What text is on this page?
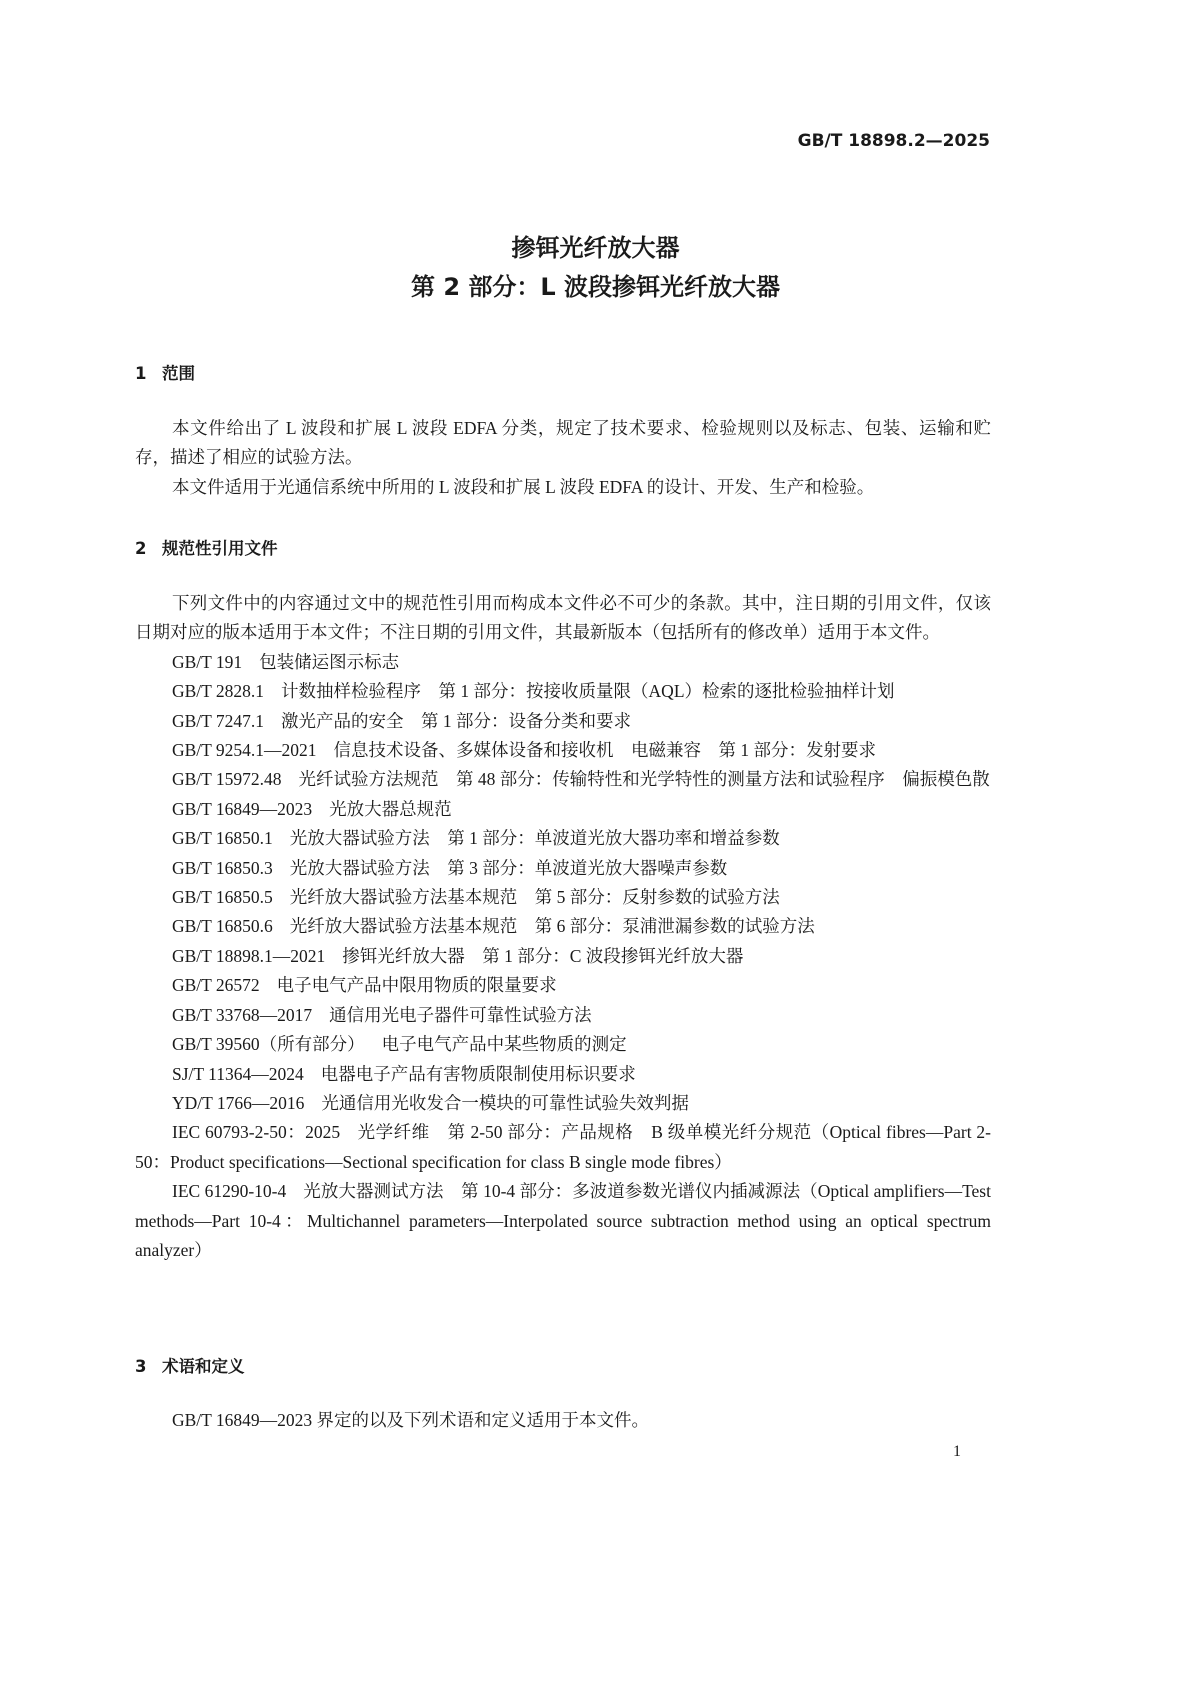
GB/T 18898.2—2025
掺铒光纤放大器
第 2 部分：L 波段掺铒光纤放大器
1 范围

本文件给出了 L 波段和扩展 L 波段 EDFA 分类，规定了技术要求、检验规则以及标志、包装、运输和贮存，描述了相应的试验方法。

本文件适用于光通信系统中所用的 L 波段和扩展 L 波段 EDFA 的设计、开发、生产和检验。

2 规范性引用文件

下列文件中的内容通过文中的规范性引用而构成本文件必不可少的条款。其中，注日期的引用文件，仅该日期对应的版本适用于本文件；不注日期的引用文件，其最新版本（包括所有的修改单）适用于本文件。

GB/T 191 包装储运图示标志

GB/T 2828.1 计数抽样检验程序　第 1 部分：按接收质量限（AQL）检索的逐批检验抽样计划

GB/T 7247.1 激光产品的安全　第 1 部分：设备分类和要求

GB/T 9254.1—2021 信息技术设备、多媒体设备和接收机　电磁兼容　第 1 部分：发射要求

GB/T 15972.48 光纤试验方法规范　第 48 部分：传输特性和光学特性的测量方法和试验程序　偏振模色散

GB/T 16849—2023 光放大器总规范

GB/T 16850.1 光放大器试验方法　第 1 部分：单波道光放大器功率和增益参数

GB/T 16850.3 光放大器试验方法　第 3 部分：单波道光放大器噪声参数

GB/T 16850.5 光纤放大器试验方法基本规范　第 5 部分：反射参数的试验方法

GB/T 16850.6 光纤放大器试验方法基本规范　第 6 部分：泵浦泄漏参数的试验方法

GB/T 18898.1—2021 掺铒光纤放大器　第 1 部分：C 波段掺铒光纤放大器

GB/T 26572 电子电气产品中限用物质的限量要求

GB/T 33768—2017 通信用光电子器件可靠性试验方法

GB/T 39560（所有部分） 电子电气产品中某些物质的测定

SJ/T 11364—2024 电器电子产品有害物质限制使用标识要求

YD/T 1766—2016 光通信用光收发合一模块的可靠性试验失效判据

IEC 60793-2-50：2025 光学纤维　第 2-50 部分：产品规格　B 级单模光纤分规范（Optical fibres—Part 2-50：Product specifications—Sectional specification for class B single mode fibres）

IEC 61290-10-4 光放大器测试方法　第 10-4 部分：多波道参数光谱仪内插减源法（Optical amplifiers—Test methods—Part 10-4：Multichannel parameters—Interpolated source subtraction method using an optical spectrum analyzer）

3 术语和定义

GB/T 16849—2023 界定的以及下列术语和定义适用于本文件。

1
